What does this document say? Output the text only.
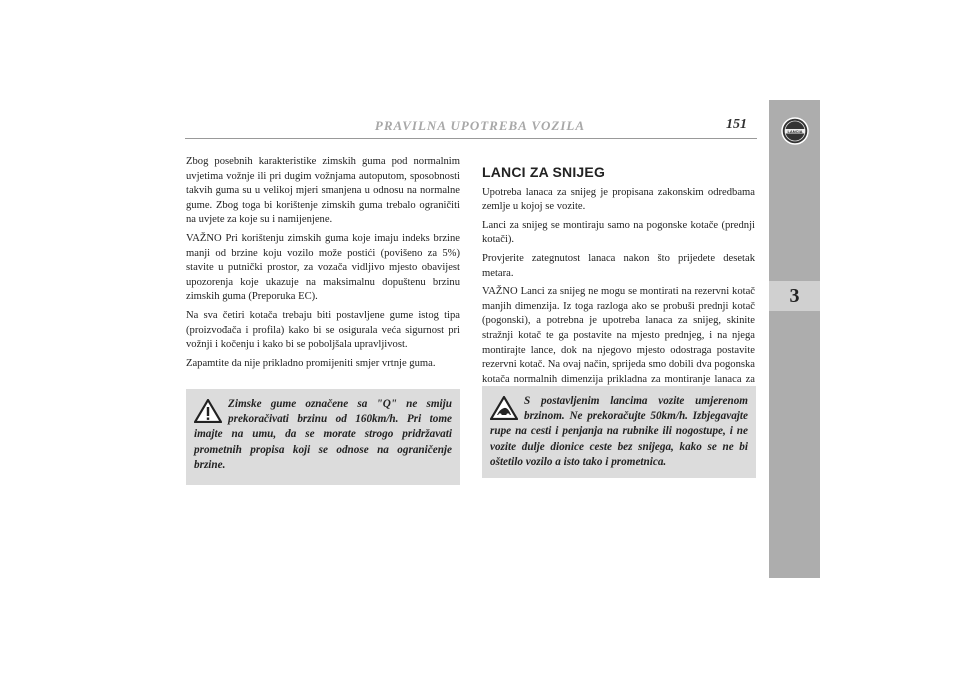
PRAVILNA UPOTREBA VOZILA	151	LANCIA
3

Zbog posebnih karakteristike zimskih guma pod normalnim uvjetima vožnje ili pri dugim vožnjama autoputom, sposobnosti takvih guma su u velikoj mjeri smanjena u odnosu na normalne gume. Zbog toga bi korištenje zimskih guma trebalo ograničiti na uvjete za koje su i namijenjene.

VAŽNO Pri korištenju zimskih guma koje imaju indeks brzine manji od brzine koju vozilo može postići (povišeno za 5%) stavite u putnički prostor, za vozača vidljivo mjesto obavijest upozorenja koje ukazuje na maksimalnu dopuštenu brzinu zimskih guma (Preporuka EC).

Na sva četiri kotača trebaju biti postavljene gume istog tipa (proizvođača i profila) kako bi se osigurala veća sigurnost pri vožnji i kočenju i kako bi se poboljšala upravljivost.

Zapamtite da nije prikladno promijeniti smjer vrtnje guma.

Zimske gume označene sa "Q" ne smiju prekoračivati brzinu od 160km/h. Pri tome imajte na umu, da se morate strogo pridržavati prometnih propisa koji se odnose na ograničenje brzine.
LANCI ZA SNIJEG

Upotreba lanaca za snijeg je propisana zakonskim odredbama zemlje u kojoj se vozite.

Lanci za snijeg se montiraju samo na pogonske kotače (prednji kotači).

Provjerite zategnutost lanaca nakon što prijedete desetak metara.

VAŽNO Lanci za snijeg ne mogu se montirati na rezervni kotač manjih dimenzija. Iz toga razloga ako se probuši prednji kotač (pogonski), a potrebna je upotreba lanaca za snijeg, skinite stražnji kotač te ga postavite na mjesto prednjeg, i na njega montirajte lance, dok na njegovo mjesto odostraga postavite rezervni kotač. Na ovaj način, sprijeda smo dobili dva pogonska kotača normalnih dimenzija prikladna za montiranje lanaca za

S postavljenim lancima vozite umjerenom brzinom. Ne prekoračujte 50km/h. Izbjegavajte rupe na cesti i penjanja na rubnike ili nogostupe, i ne vozite dulje dionice ceste bez snijega, kako se ne bi oštetilo vozilo a isto tako i prometnica.
